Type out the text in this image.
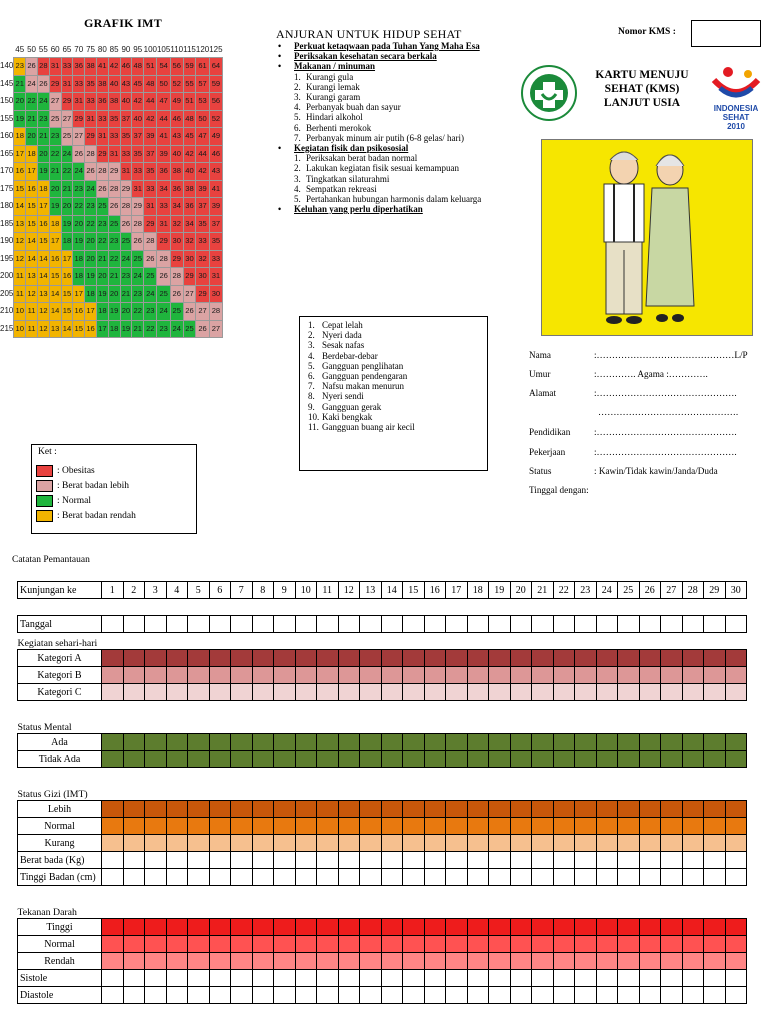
GRAFIK IMT
	45	50	55	60	65	70	75	80	85	90	95	100	105	110	115	120	125
140	23	26	28	31	33	36	38	41	42	46	48	51	54	56	59	61	64
145	21	24	26	29	31	33	35	38	40	43	45	48	50	52	55	57	59
150	20	22	24	27	29	31	33	36	38	40	42	44	47	49	51	53	56
155	19	21	23	25	27	29	31	33	35	37	40	42	44	46	48	50	52
160	18	20	21	23	25	27	29	31	33	35	37	39	41	43	45	47	49
165	17	18	20	22	24	26	28	29	31	33	35	37	39	40	42	44	46
170	16	17	19	21	22	24	26	28	29	31	33	35	36	38	40	42	43
175	15	16	18	20	21	23	24	26	28	29	31	33	34	36	38	39	41
180	14	15	17	19	20	22	23	25	26	28	29	31	33	34	36	37	39
185	13	15	16	18	19	20	22	23	25	26	28	29	31	32	34	35	37
190	12	14	15	17	18	19	20	22	23	25	26	28	29	30	32	33	35
195	12	14	14	16	17	18	20	21	22	24	25	26	28	29	30	32	33
200	11	13	14	15	16	18	19	20	21	23	24	25	26	28	29	30	31
205	11	12	13	14	15	17	18	19	20	21	23	24	25	26	27	29	30
210	10	11	12	14	15	16	17	18	19	20	22	23	24	25	26	27	28
215	10	11	12	13	14	15	16	17	18	19	21	22	23	24	25	26	27
Ket :
: Obesitas
: Berat badan lebih
: Normal
: Berat badan rendah
ANJURAN UNTUK HIDUP SEHAT
• Perkuat ketaqwaan pada Tuhan Yang Maha Esa
• Periksakan kesehatan secara berkala
• Makanan / minuman
1. Kurangi gula
2. Kurangi lemak
3. Kurangi garam
4. Perbanyak buah dan sayur
5. Hindari alkohol
6. Berhenti merokok
7. Perbanyak minum air putih (6-8 gelas/ hari)
• Kegiatan fisik dan psikososial
1. Periksakan berat badan normal
2. Lakukan kegiatan fisik sesuai kemampuan
3. Tingkatkan silaturahmi
4. Sempatkan rekreasi
5. Pertahankan hubungan harmonis dalam keluarga
• Keluhan yang perlu diperhatikan
1. Cepat lelah
2. Nyeri dada
3. Sesak nafas
4. Berdebar-debar
5. Gangguan penglihatan
6. Gangguan pendengaran
7. Nafsu makan menurun
8. Nyeri sendi
9. Gangguan gerak
10. Kaki bengkak
11. Gangguan buang air kecil
Nomor KMS :
KARTU MENUJU
SEHAT (KMS)
LANJUT USIA	INDONESIA
SEHAT
2010
Nama	:………………………………………L/P
Umur	:…………. Agama :………….
Alamat	:……………………………………….
……………………………………….
Pendidikan	:……………………………………….
Pekerjaan	:……………………………………….
Status	: Kawin/Tidak kawin/Janda/Duda
Tinggal dengan:
Catatan Pemantauan
Kunjungan ke	1	2	3	4	5	6	7	8	9	10	11	12	13	14	15	16	17	18	19	20	21	22	23	24	25	26	27	28	29	30

Tanggal																														
Kegiatan sehari-hari																														
Kategori A																														
Kategori B																														
Kategori C																														

Status Mental																														
Ada																														
Tidak Ada																														

Status Gizi (IMT)																														
Lebih																														
Normal																														
Kurang																														
Berat bada (Kg)																														
Tinggi Badan (cm)																														

Tekanan Darah																														
Tinggi																														
Normal																														
Rendah																														
Sistole																														
Diastole																														
